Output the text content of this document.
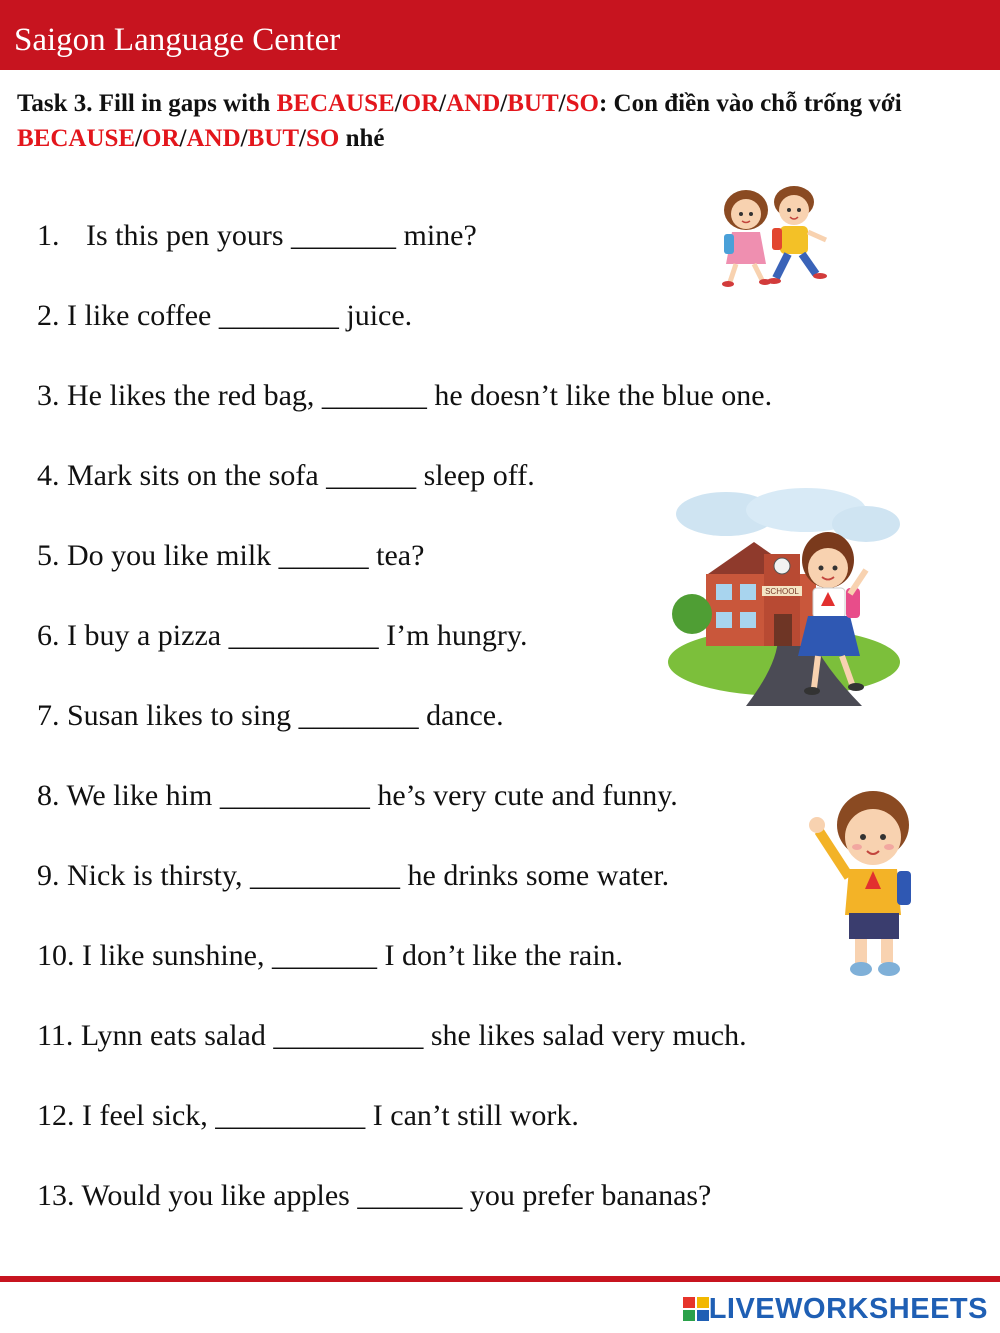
Saigon Language Center
Task 3. Fill in gaps with BECAUSE/OR/AND/BUT/SO: Con điền vào chỗ trống với BECAUSE/OR/AND/BUT/SO nhé
1. Is this pen yours _______ mine?
2. I like coffee ________ juice.
3. He likes the red bag, _______ he doesn’t like the blue one.
4. Mark sits on the sofa ______ sleep off.
5. Do you like milk ______ tea?
6. I buy a pizza __________ I’m hungry.
7. Susan likes to sing ________ dance.
8. We like him __________ he’s very cute and funny.
9. Nick is thirsty, __________ he drinks some water.
10. I like sunshine, _______ I don’t like the rain.
11. Lynn eats salad __________ she likes salad very much.
12. I feel sick, __________ I can’t still work.
13. Would you like apples _______ you prefer bananas?
SCHOOL
LIVEWORKSHEETS
